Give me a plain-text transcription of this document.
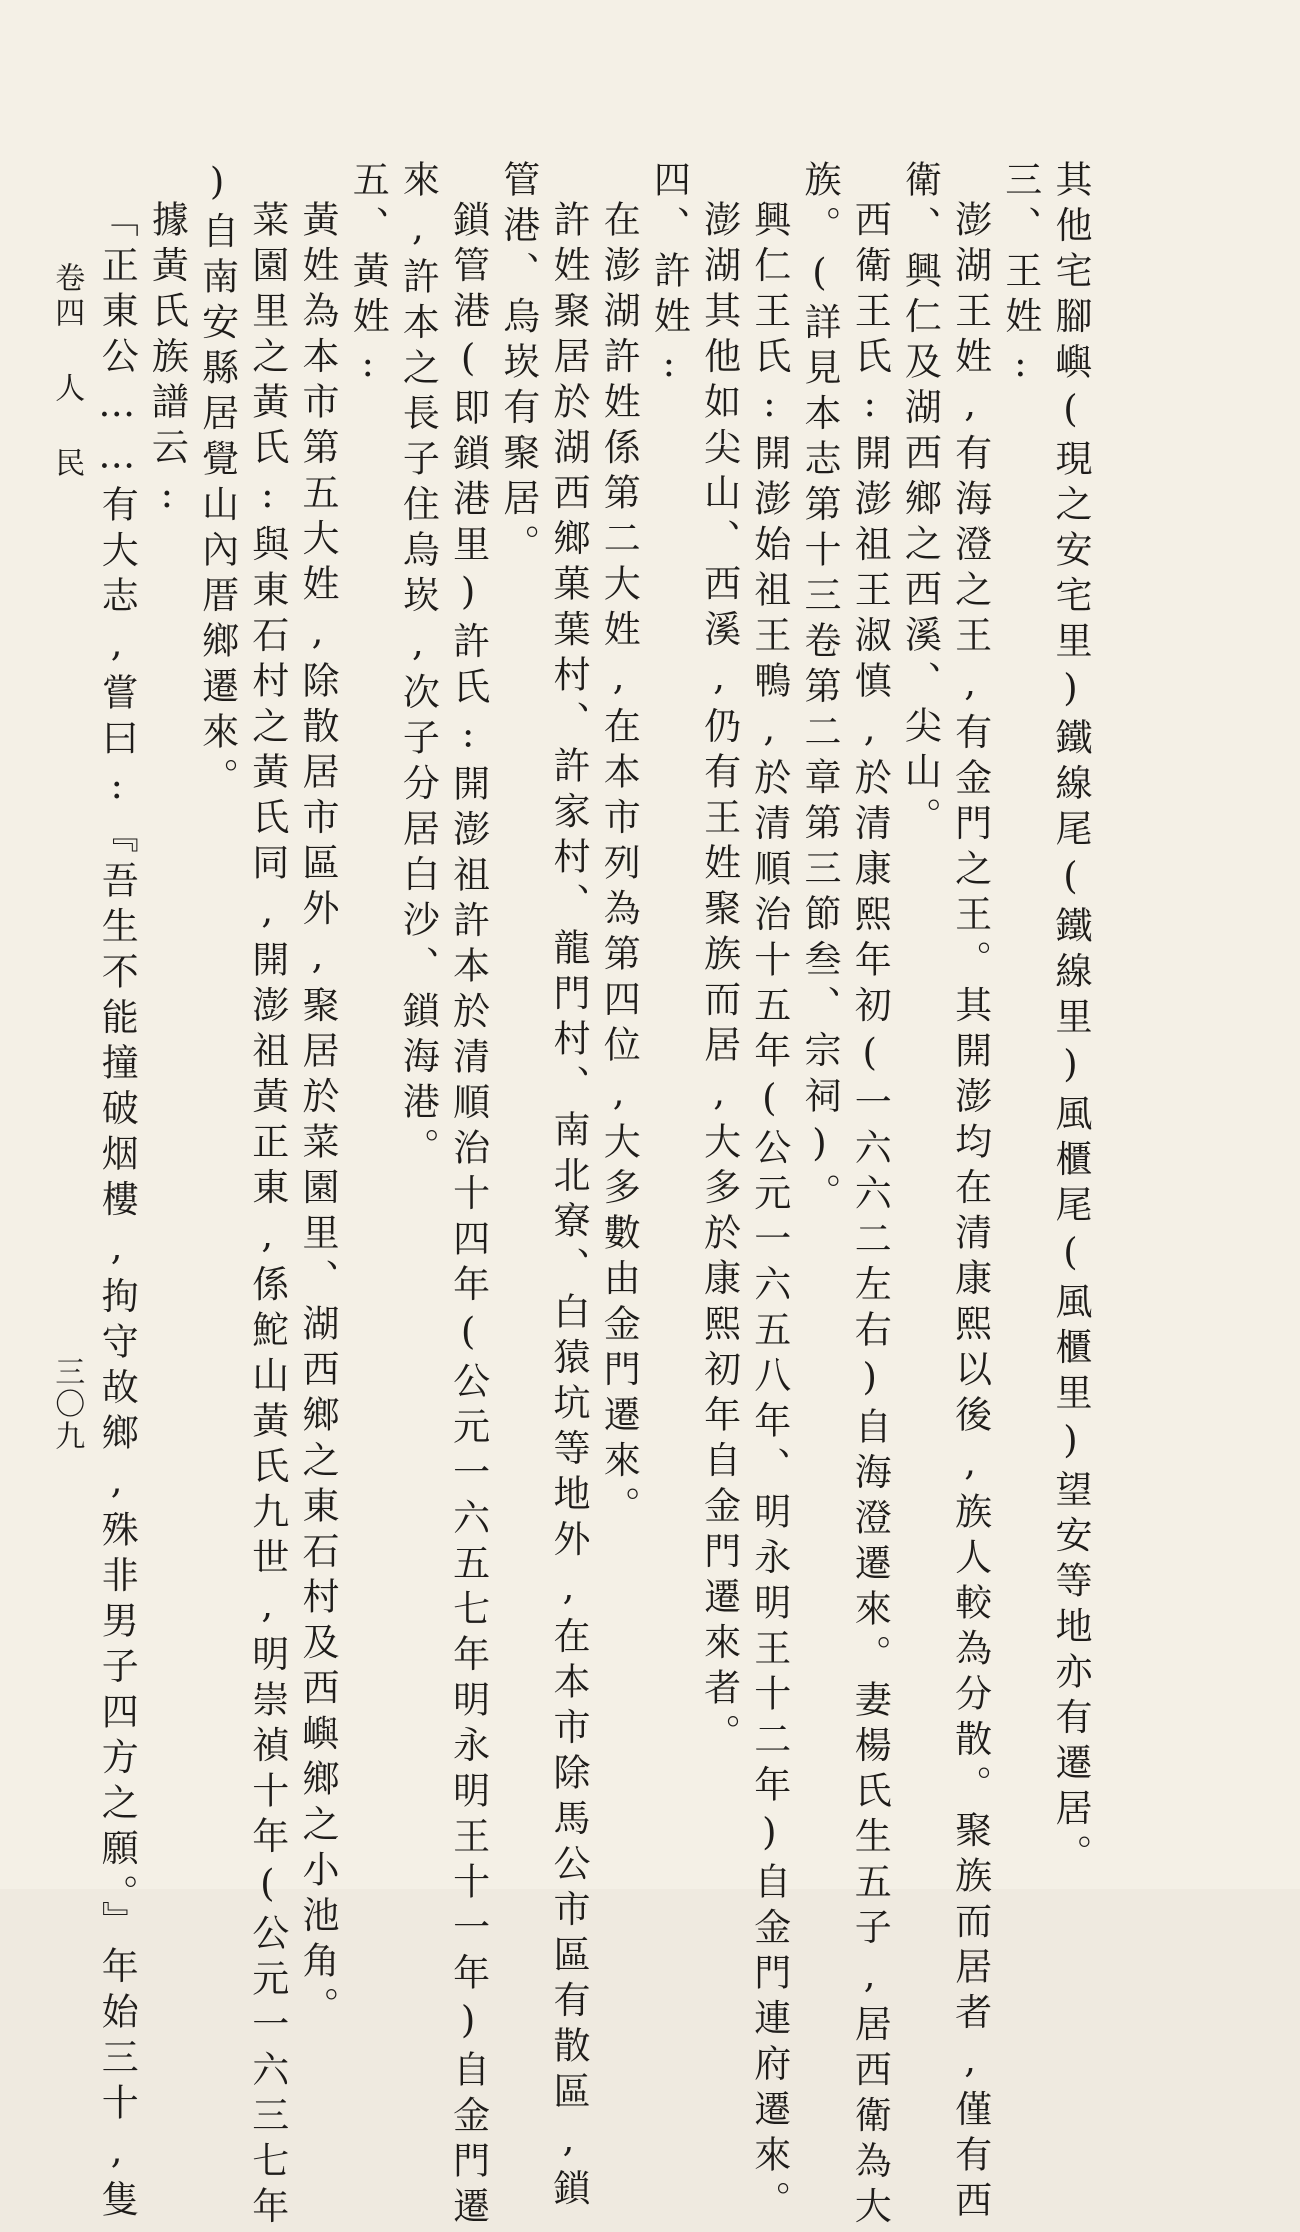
其他宅腳嶼(現之安宅里)鐵線尾(鐵線里)風櫃尾(風櫃里)望安等地亦有遷居。

三、王姓:

澎湖王姓,有海澄之王,有金門之王。其開澎均在清康熙以後,族人較為分散。聚族而居者,僅有西

衛、興仁及湖西鄉之西溪、尖山。

西衛王氏:開澎祖王淑慎,於清康熙年初(一六六二左右)自海澄遷來。妻楊氏生五子,居西衛為大

族。(詳見本志第十三卷第二章第三節叁、宗祠)。

興仁王氏:開澎始祖王鴨,於清順治十五年(公元一六五八年、明永明王十二年)自金門連府遷來。

澎湖其他如尖山、西溪,仍有王姓聚族而居,大多於康熙初年自金門遷來者。

四、許姓:

在澎湖許姓係第二大姓,在本市列為第四位,大多數由金門遷來。

許姓聚居於湖西鄉菓葉村、許家村、龍門村、南北寮、白猿坑等地外,在本市除馬公市區有散區,鎖

管港、烏崁有聚居。

鎖管港(即鎖港里)許氏:開澎祖許本於清順治十四年(公元一六五七年明永明王十一年)自金門遷

來,許本之長子住烏崁,次子分居白沙、鎖海港。

五、黃姓:

黃姓為本市第五大姓,除散居市區外,聚居於菜園里、湖西鄉之東石村及西嶼鄉之小池角。

菜園里之黃氏:與東石村之黃氏同,開澎祖黃正東,係鮀山黃氏九世,明崇禎十年(公元一六三七年

)自南安縣居覺山內厝鄉遷來。

據黃氏族譜云:

「正東公……有大志,嘗曰:『吾生不能撞破烟樓,拘守故鄉,殊非男子四方之願。』年始三十,隻

卷四 人 民
三〇九
